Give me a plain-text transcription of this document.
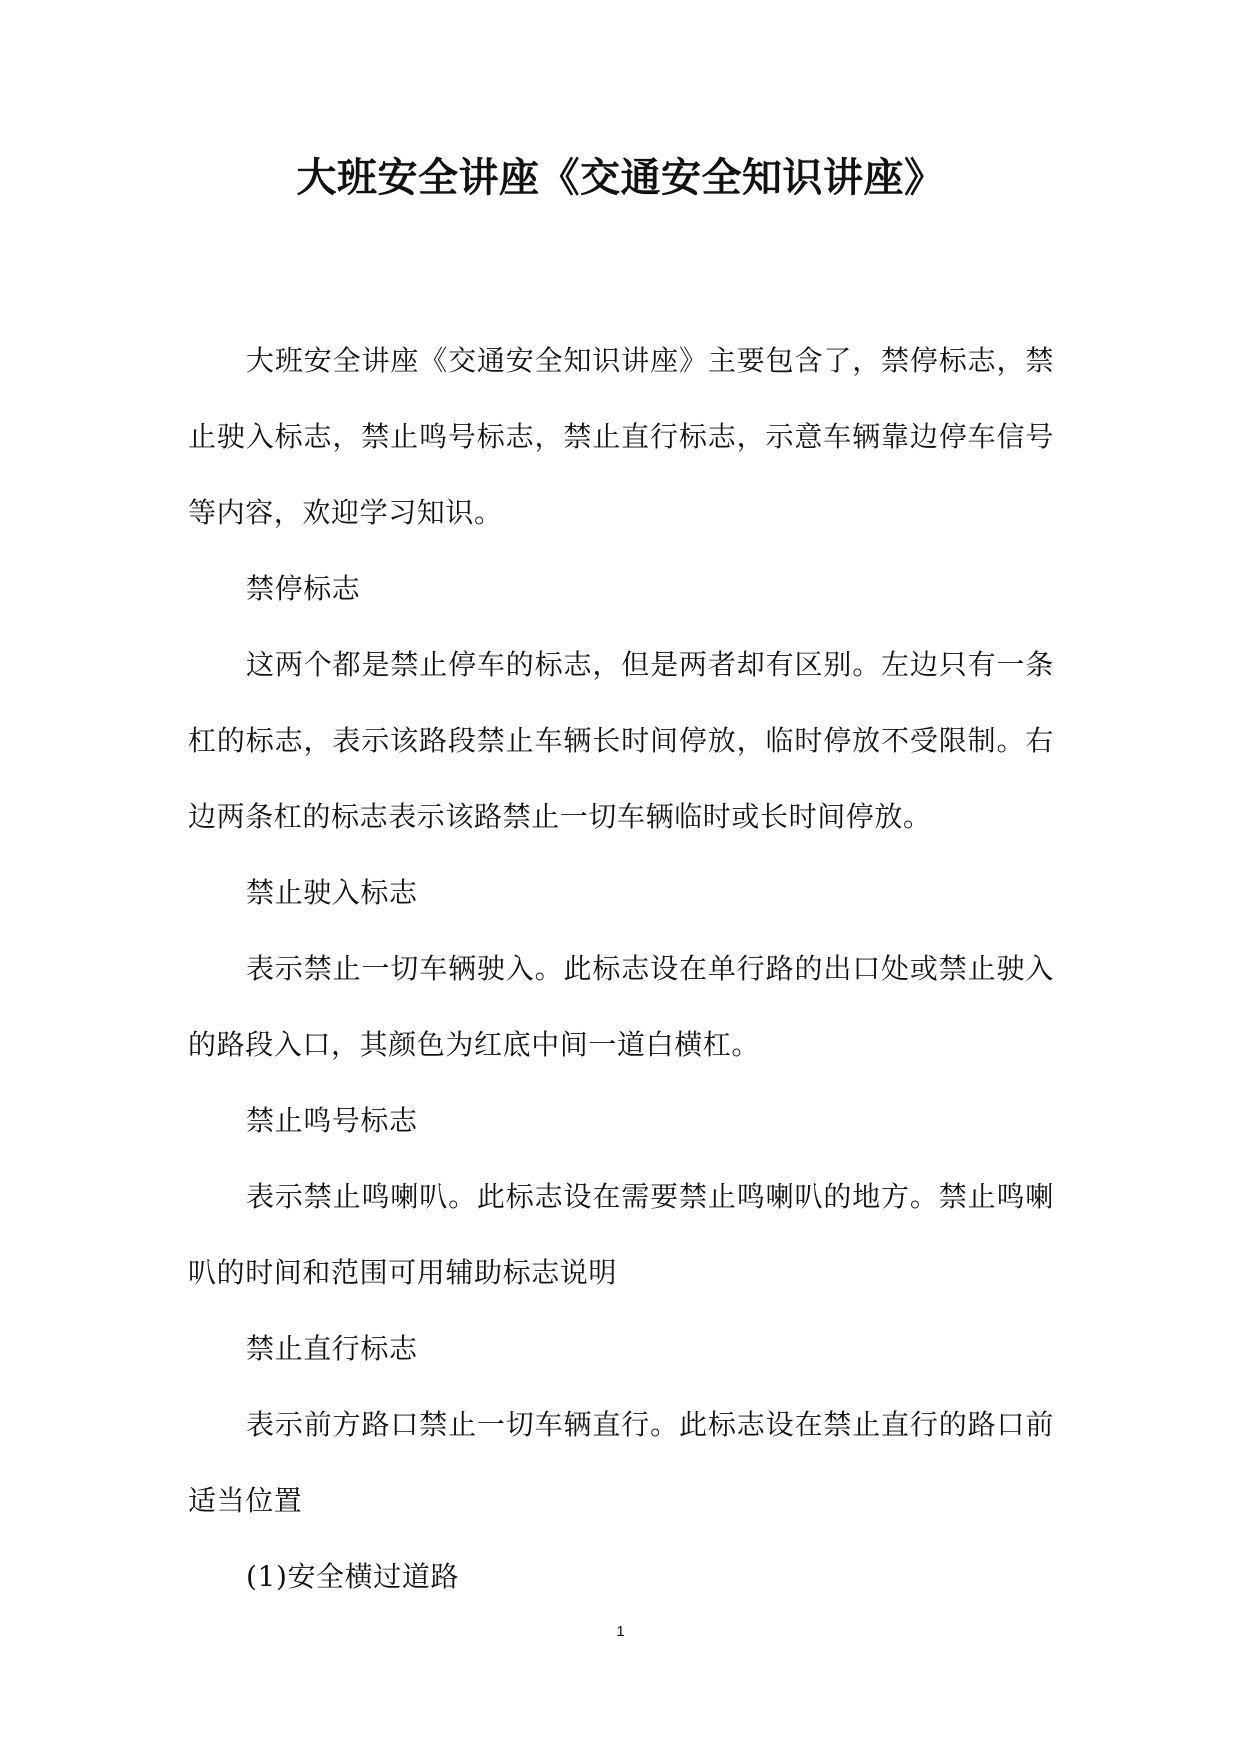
大班安全讲座《交通安全知识讲座》

大班安全讲座《交通安全知识讲座》主要包含了，禁停标志，禁止驶入标志，禁止鸣号标志，禁止直行标志，示意车辆靠边停车信号等内容，欢迎学习知识。

禁停标志

这两个都是禁止停车的标志，但是两者却有区别。左边只有一条杠的标志，表示该路段禁止车辆长时间停放，临时停放不受限制。右边两条杠的标志表示该路禁止一切车辆临时或长时间停放。

禁止驶入标志

表示禁止一切车辆驶入。此标志设在单行路的出口处或禁止驶入的路段入口，其颜色为红底中间一道白横杠。

禁止鸣号标志

表示禁止鸣喇叭。此标志设在需要禁止鸣喇叭的地方。禁止鸣喇叭的时间和范围可用辅助标志说明

禁止直行标志

表示前方路口禁止一切车辆直行。此标志设在禁止直行的路口前适当位置

(1)安全横过道路

1
